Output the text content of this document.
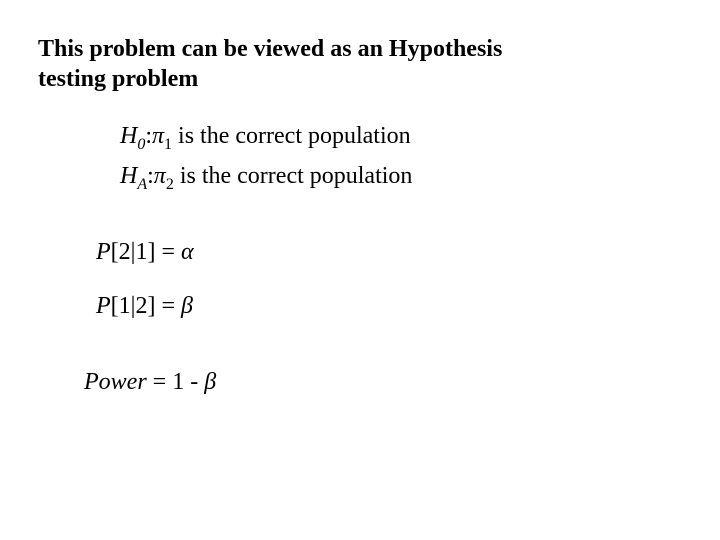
This problem can be viewed as an Hypothesis
testing problem
$H_0:\pi_1$ is the correct population
$H_A:\pi_2$ is the correct population
P[2|1] = α
P[1|2] = β
Power = 1 - β
